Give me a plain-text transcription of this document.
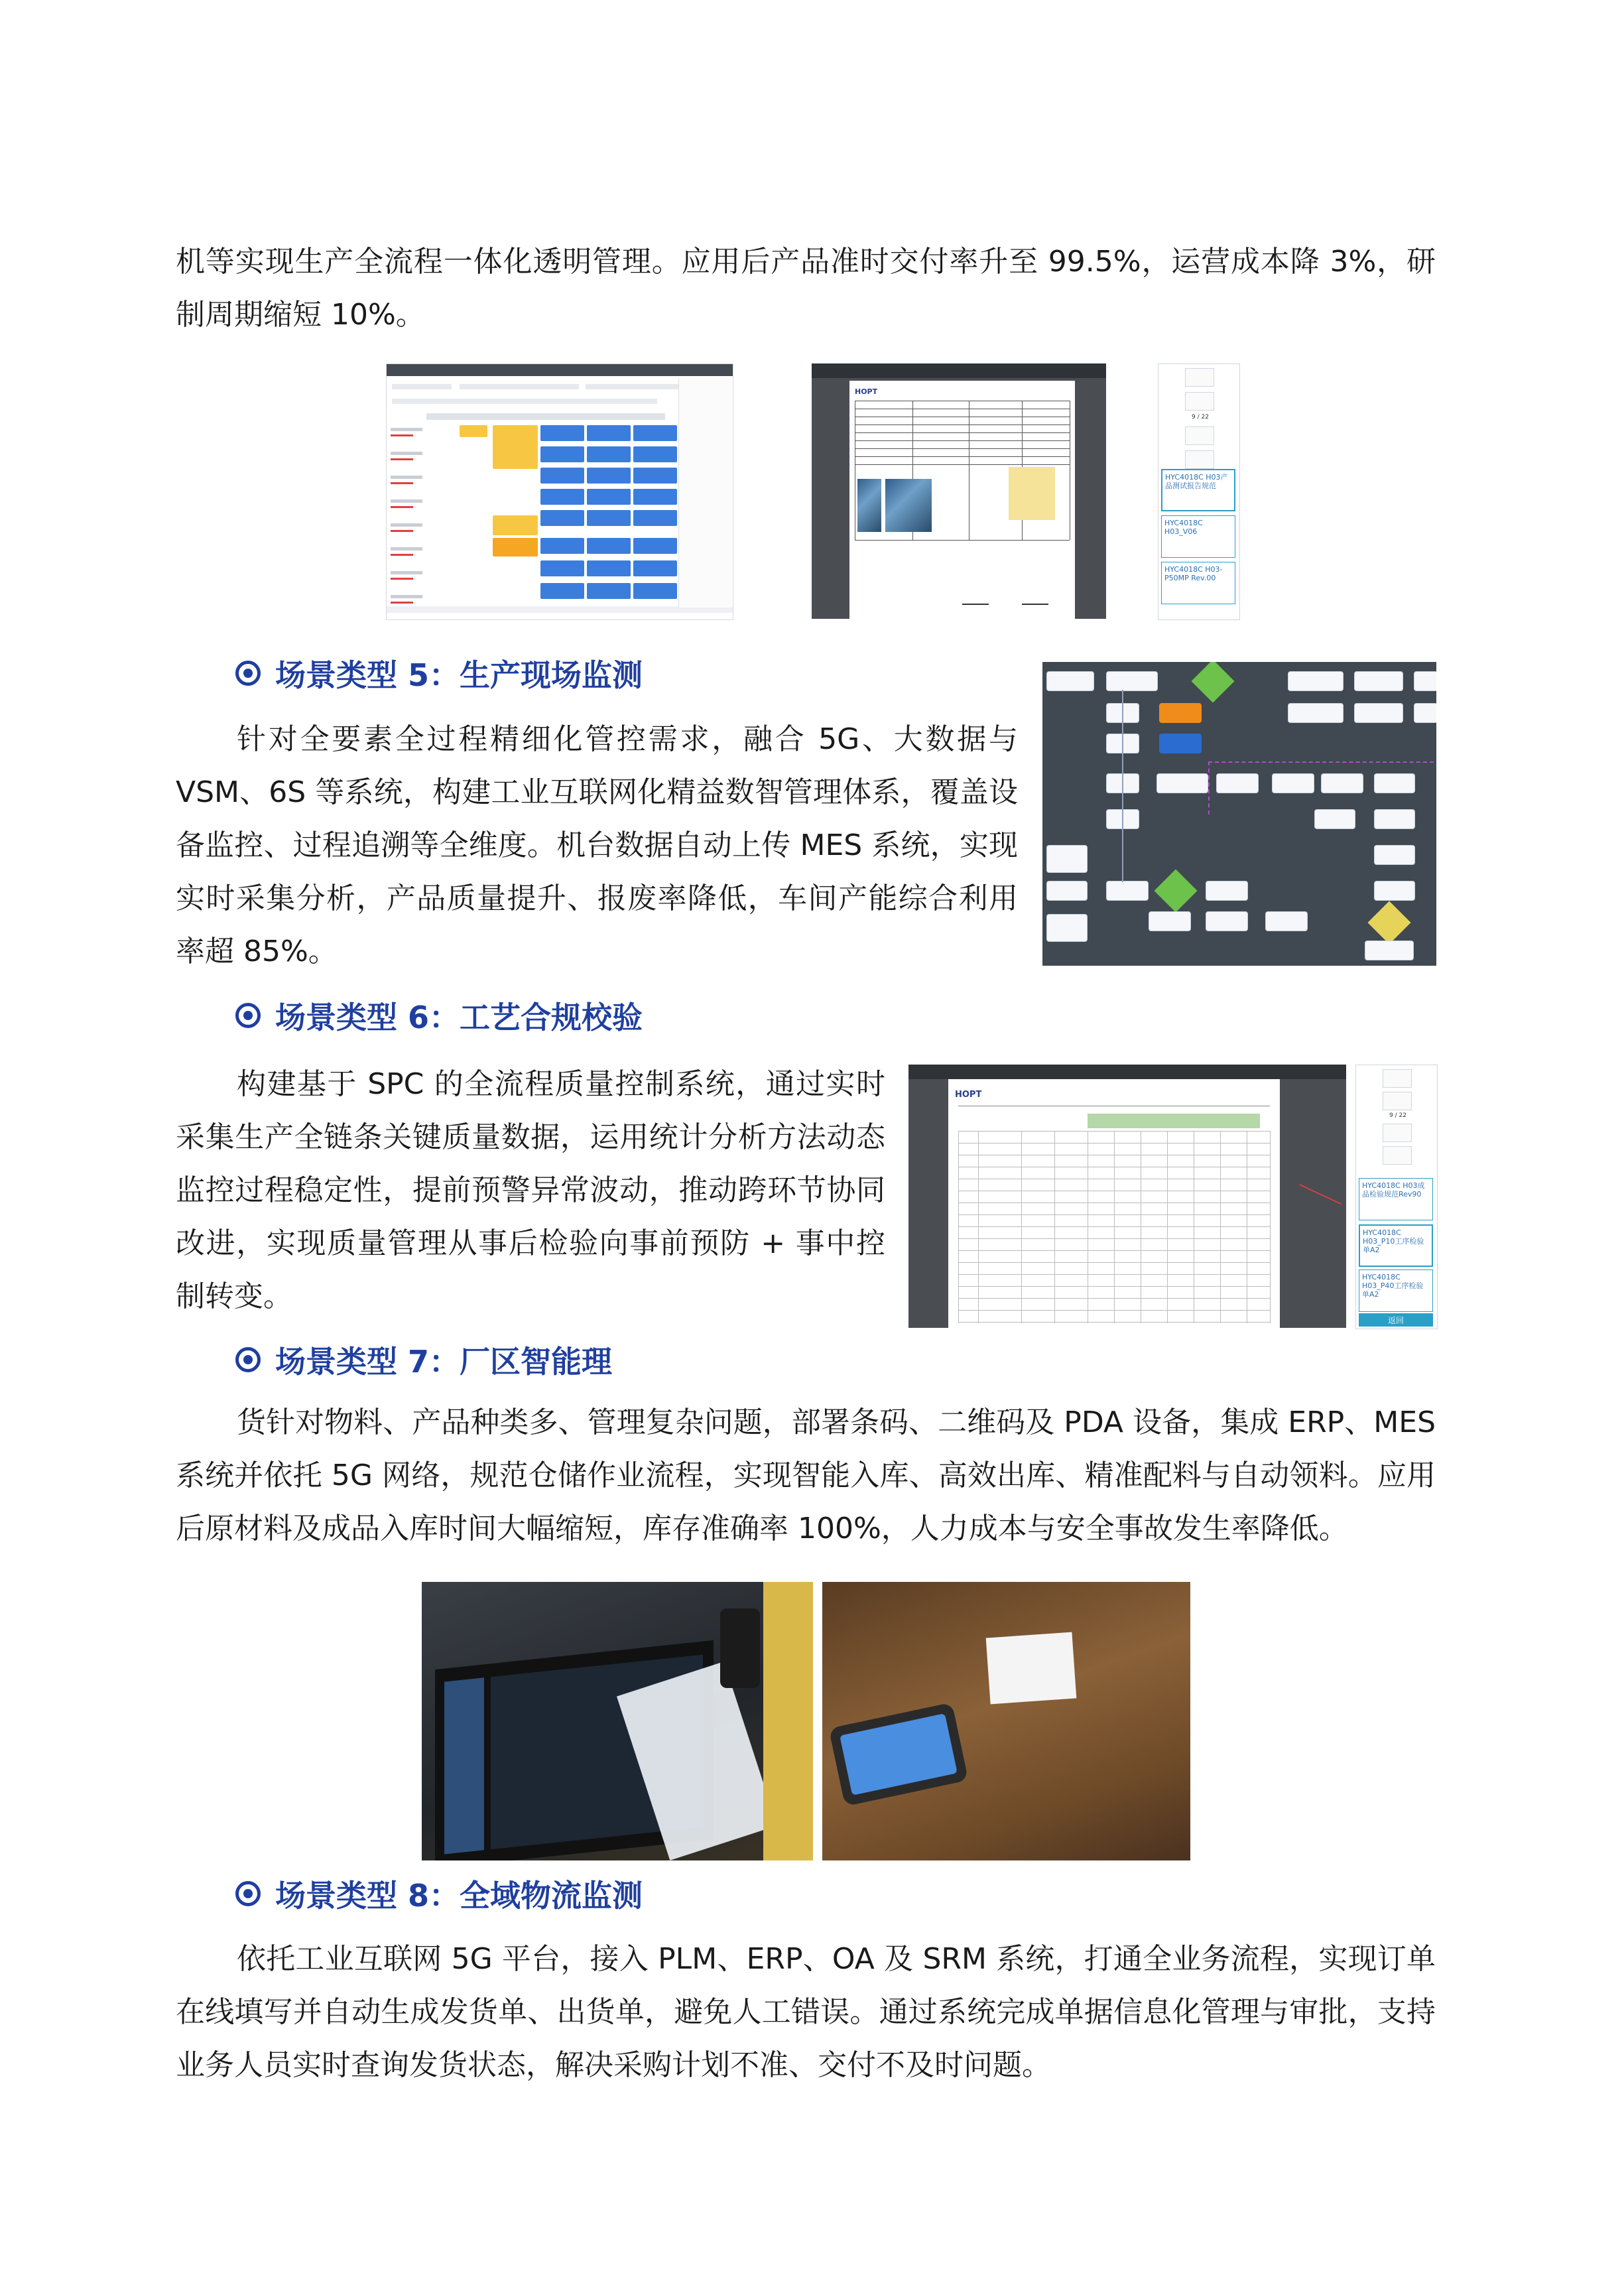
机等实现生产全流程一体化透明管理。应用后产品准时交付率升至 99.5%，运营成本降 3%，研制周期缩短 10%。

HOPT
9 / 22
HYC4018C H03产品测试报告规范
HYC4018C H03_V06
HYC4018C H03-P50MP Rev.00
场景类型 5：生产现场监测

针对全要素全过程精细化管控需求，融合 5G、大数据与 VSM、6S 等系统，构建工业互联网化精益数智管理体系，覆盖设备监控、过程追溯等全维度。机台数据自动上传 MES 系统，实现实时采集分析，产品质量提升、报废率降低，车间产能综合利用率超 85%。

场景类型 6：工艺合规校验

构建基于 SPC 的全流程质量控制系统，通过实时采集生产全链条关键质量数据，运用统计分析方法动态监控过程稳定性，提前预警异常波动，推动跨环节协同改进，实现质量管理从事后检验向事前预防 + 事中控制转变。

HOPT
9 / 22
HYC4018C H03成品检验规范Rev90
HYC4018C H03_P10工序检验单A2
HYC4018C H03_P40工序检验单A2
返回
场景类型 7：厂区智能理

货针对物料、产品种类多、管理复杂问题，部署条码、二维码及 PDA 设备，集成 ERP、MES 系统并依托 5G 网络，规范仓储作业流程，实现智能入库、高效出库、精准配料与自动领料。应用后原材料及成品入库时间大幅缩短，库存准确率 100%，人力成本与安全事故发生率降低。

场景类型 8：全域物流监测

依托工业互联网 5G 平台，接入 PLM、ERP、OA 及 SRM 系统，打通全业务流程，实现订单在线填写并自动生成发货单、出货单，避免人工错误。通过系统完成单据信息化管理与审批，支持业务人员实时查询发货状态，解决采购计划不准、交付不及时问题。
